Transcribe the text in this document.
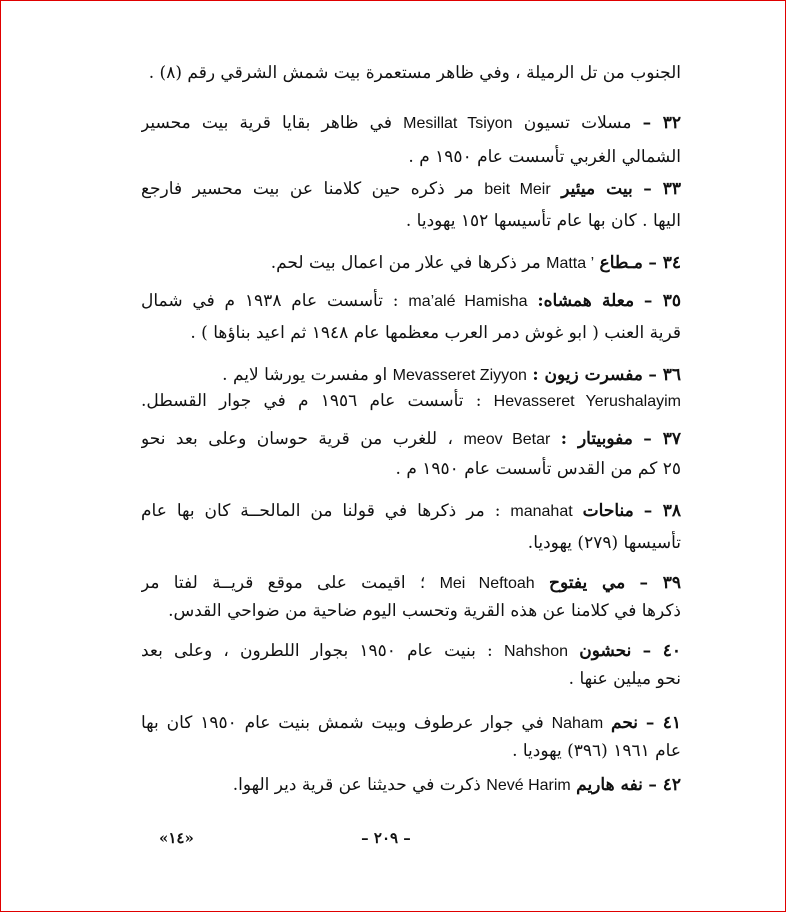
الجنوب من تل الرميلة ، وفي ظاهر مستعمرة بيت شمش الشرقي رقم (٨) .
٣٢ – مسلات تسيون Mesillat Tsiyon في ظاهر بقايا قرية بيت محسير
الشمالي الغربي تأسست عام ١٩٥٠ م .
٣٣ – بيت ميئير beit Meir مر ذكره حين كلامنا عن بيت محسير فارجع
اليها . كان بها عام تأسيسها ١٥٢ يهوديا .
٣٤ – مـطاع Matta ’ مر ذكرها في علار من اعمال بيت لحم.
٣٥ – معلة همشاه: ma’alé Hamisha : تأسست عام ١٩٣٨ م في شمال
قرية العنب ( ابو غوش دمر العرب معظمها عام ١٩٤٨ ثم اعيد بناؤها ) .
٣٦ – مفسرت زيون : Mevasseret Ziyyon او مفسرت يورشا لايم .
Hevasseret Yerushalayim : تأسست عام ١٩٥٦ م في جوار القسطل.
٣٧ – مفوبيتار : meov Betar ، للغرب من قرية حوسان وعلى بعد نحو
٢٥ كم من القدس تأسست عام ١٩٥٠ م .
٣٨ – مناحات manahat : مر ذكرها في قولنا من المالحــة كان بها عام
تأسيسها (٢٧٩) يهوديا.
٣٩ – مي يفتوح Mei Neftoah ؛ اقيمت على موقع قريــة لفتا مر
ذكرها في كلامنا عن هذه القرية وتحسب اليوم ضاحية من ضواحي القدس.
٤٠ – نحشون Nahshon : بنيت عام ١٩٥٠ بجوار اللطرون ، وعلى بعد
نحو ميلين عنها .
٤١ – نحم Naham في جوار عرطوف وبيت شمش بنيت عام ١٩٥٠ كان بها
عام ١٩٦١ (٣٩٦) يهوديا .
٤٢ – نفه هاريم Nevé Harim ذكرت في حديثنا عن قرية دير الهوا.
«١٤»	– ٢٠٩ –
